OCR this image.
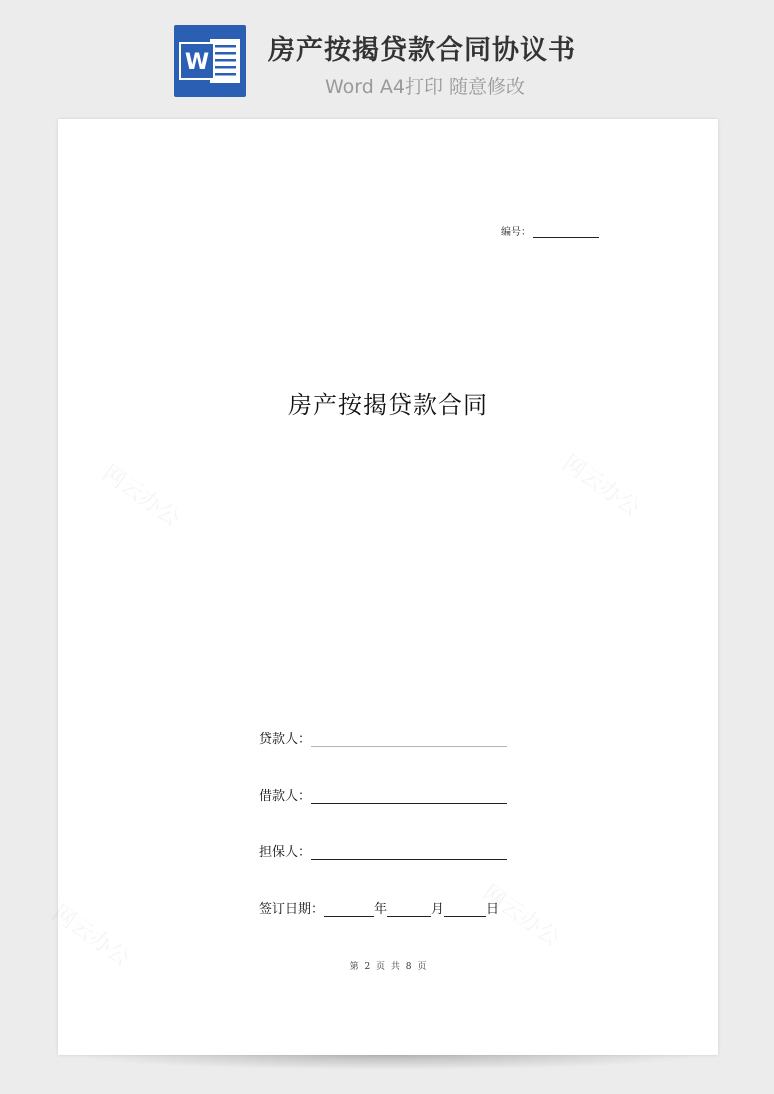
W 房产按揭贷款合同协议书
Word A4打印 随意修改
编号：
房产按揭贷款合同
贷款人：
借款人：
担保人：
签订日期：	年	月	日
第 2 页 共 8 页
